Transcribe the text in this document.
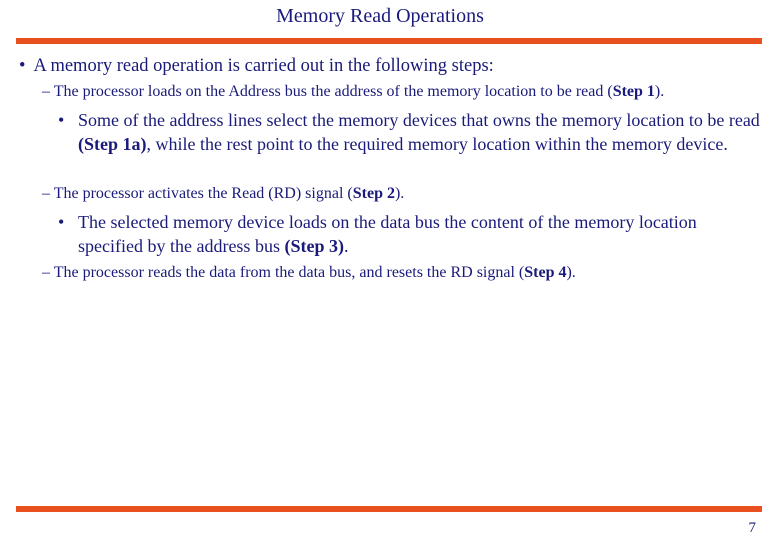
Memory Read Operations
• A memory read operation is carried out in the following steps:
– The processor loads on the Address bus the address of the memory location to be read (Step 1).
• Some of the address lines select the memory devices that owns the memory location to be read (Step 1a), while the rest point to the required memory location within the memory device.
– The processor activates the Read (RD) signal (Step 2).
• The selected memory device loads on the data bus the content of the memory location specified by the address bus (Step 3).
– The processor reads the data from the data bus, and resets the RD signal (Step 4).
7
